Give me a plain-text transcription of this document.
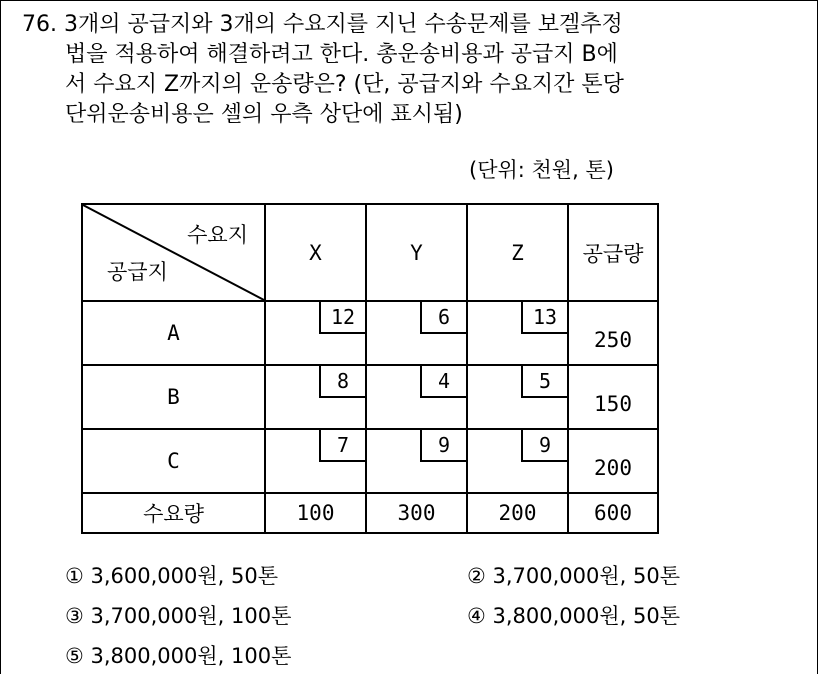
76. 3개의 공급지와 3개의 수요지를 지닌 수송문제를 보겔추정
법을 적용하여 해결하려고 한다. 총운송비용과 공급지 B에
서 수요지 Z까지의 운송량은? (단, 공급지와 수요지간 톤당
단위운송비용은 셀의 우측 상단에 표시됨)
(단위: 천원, 톤)
수요지
공급지	X	Y	Z	공급량
A	12	6	13	250

B	8	4	5	150

C	7	9	9	200

수요량	100	300	200	600
① 3,600,000원, 50톤	② 3,700,000원, 50톤
③ 3,700,000원, 100톤	④ 3,800,000원, 50톤
⑤ 3,800,000원, 100톤
